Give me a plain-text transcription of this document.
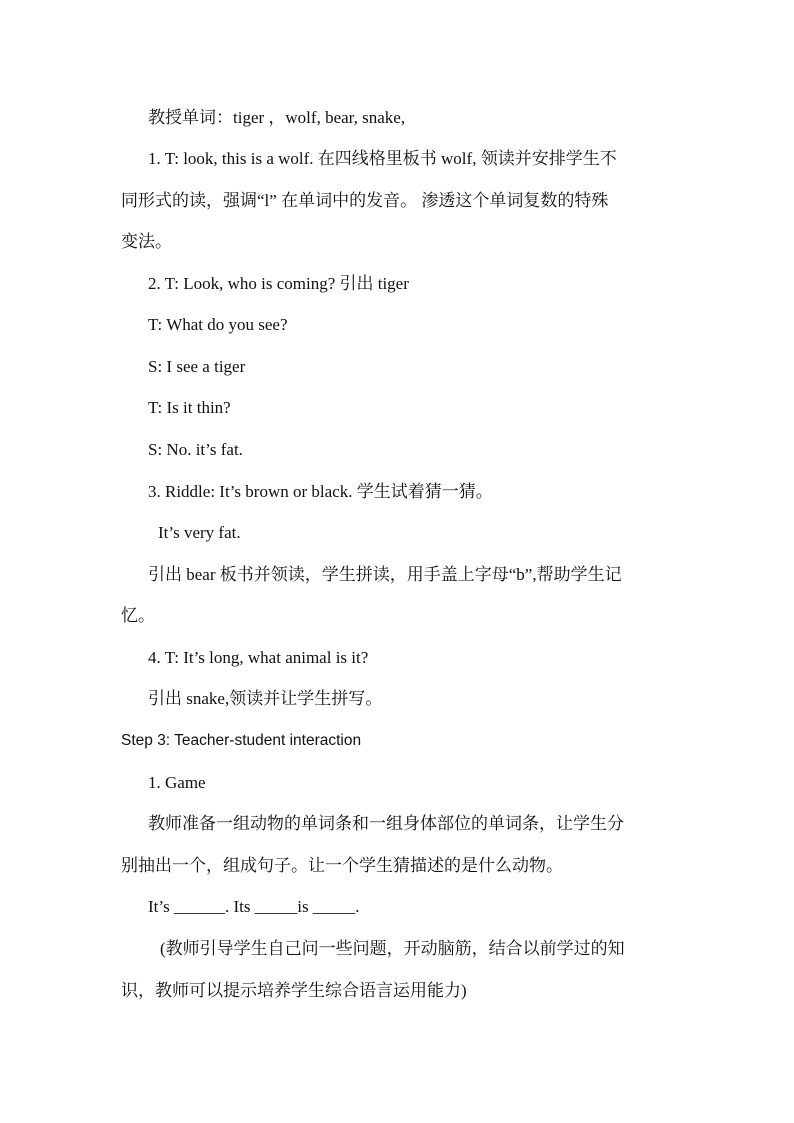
教授单词：tiger ，wolf, bear, snake,
1. T: look, this is a wolf. 在四线格里板书 wolf, 领读并安排学生不
同形式的读，强调“l” 在单词中的发音。 渗透这个单词复数的特殊
变法。
2. T: Look, who is coming? 引出 tiger
T: What do you see?
S: I see a tiger
T: Is it thin?
S: No. it’s fat.
3. Riddle: It’s brown or black. 学生试着猜一猜。
It’s very fat.
引出 bear 板书并领读，学生拼读，用手盖上字母“b”,帮助学生记
忆。
4. T: It’s long, what animal is it?
引出 snake,领读并让学生拼写。
Step 3: Teacher-student interaction
1. Game
教师准备一组动物的单词条和一组身体部位的单词条，让学生分
别抽出一个，组成句子。让一个学生猜描述的是什么动物。
It’s ______. Its _____is _____.
(教师引导学生自己问一些问题，开动脑筋，结合以前学过的知
识，教师可以提示培养学生综合语言运用能力)
